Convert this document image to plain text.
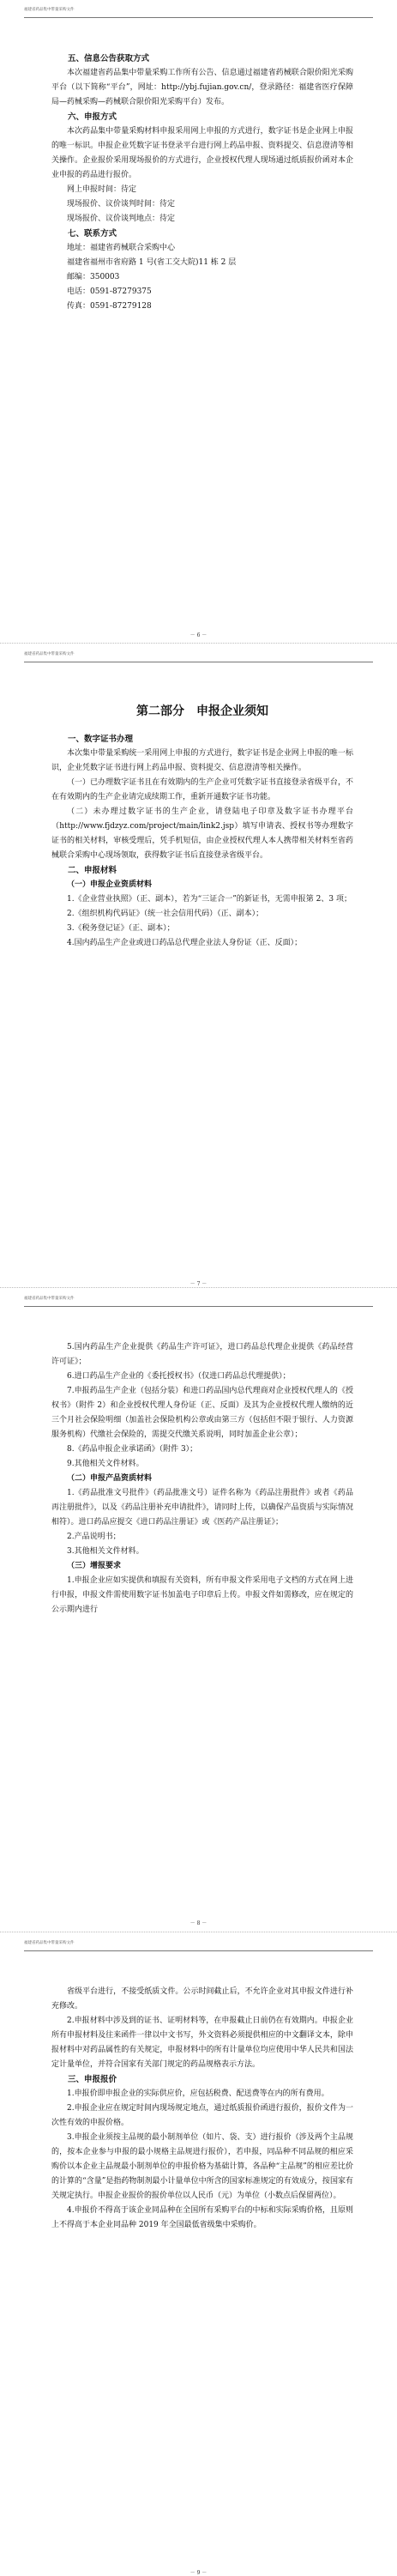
福建省药品集中带量采购文件

五、信息公告获取方式

本次福建省药品集中带量采购工作所有公告、信息通过福建省药械联合限价阳光采购平台（以下简称“平台”，网址：http://ybj.fujian.gov.cn/，登录路径：福建省医疗保障局—药械采购—药械联合限价阳光采购平台）发布。

六、申报方式

本次药品集中带量采购材料申报采用网上申报的方式进行，数字证书是企业网上申报的唯一标识。申报企业凭数字证书登录平台进行网上药品申报、资料提交、信息澄清等相关操作。企业报价采用现场报价的方式进行，企业授权代理人现场通过纸质报价函对本企业申报的药品进行报价。

网上申报时间：待定

现场报价、议价谈判时间：待定

现场报价、议价谈判地点：待定

七、联系方式

地址：福建省药械联合采购中心

福建省福州市省府路 1 号(省工交大院)11 栋 2 层

邮编：350003

电话：0591-87279375

传真：0591-87279128

－ 6 －
福建省药品集中带量采购文件
第二部分　申报企业须知

一、数字证书办理

本次集中带量采购统一采用网上申报的方式进行，数字证书是企业网上申报的唯一标识，企业凭数字证书进行网上药品申报、资料提交、信息澄清等相关操作。

（一）已办理数字证书且在有效期内的生产企业可凭数字证书直接登录省级平台，不在有效期内的生产企业请完成续期工作，重新开通数字证书功能。

（二）未办理过数字证书的生产企业，请登陆电子印章及数字证书办理平台（http://www.fjdzyz.com/project/main/link2.jsp）填写申请表、授权书等办理数字证书的相关材料，审核受理后，凭手机短信，由企业授权代理人本人携带相关材料至省药械联合采购中心现场领取，获得数字证书后直接登录省级平台。

二、申报材料

（一）申报企业资质材料

1.《企业营业执照》（正、副本），若为“三证合一”的新证书，无需申报第 2、3 项；

2.《组织机构代码证》（统一社会信用代码）（正、副本）；

3.《税务登记证》（正、副本）；

4.国内药品生产企业或进口药品总代理企业法人身份证（正、反面）；

－ 7 －
福建省药品集中带量采购文件

5.国内药品生产企业提供《药品生产许可证》，进口药品总代理企业提供《药品经营许可证》；

6.进口药品生产企业的《委托授权书》（仅进口药品总代理提供）；

7.申报药品生产企业（包括分装）和进口药品国内总代理商对企业授权代理人的《授权书》（附件 2）和企业授权代理人身份证（正、反面）及其为企业授权代理人缴纳的近三个月社会保险明细（加盖社会保险机构公章或由第三方（包括但不限于银行、人力资源服务机构）代缴社会保险的，需提交代缴关系说明，同时加盖企业公章）；

8.《药品申报企业承诺函》（附件 3）；

9.其他相关文件材料。

（二）申报产品资质材料

1.《药品批准文号批件》（药品批准文号）证件名称为《药品注册批件》或者《药品再注册批件》，以及《药品注册补充申请批件》，请同时上传，以确保产品资质与实际情况相符）。进口药品应提交《进口药品注册证》或《医药产品注册证》；

2.产品说明书；

3.其他相关文件材料。

（三）增报要求

1.申报企业应如实提供和填报有关资料，所有申报文件采用电子文档的方式在网上进行申报，申报文件需使用数字证书加盖电子印章后上传。申报文件如需修改，应在规定的公示期内进行

－ 8 －
福建省药品集中带量采购文件

省级平台进行，不接受纸质文件。公示时间截止后，不允许企业对其申报文件进行补充修改。

2.申报材料中涉及到的证书、证明材料等，在申报截止日前仍在有效期内。申报企业所有申报材料及往来函件一律以中文书写，外文资料必须提供相应的中文翻译文本，除申报材料中对药品属性的有关规定，申报材料中的所有计量单位均应使用中华人民共和国法定计量单位，并符合国家有关部门规定的药品规格表示方法。

三、申报报价

1.申报价即申报企业的实际供应价，应包括税费、配送费等在内的所有费用。

2.申报企业应在规定时间内现场规定地点，通过纸质报价函进行报价，报价文件为一次性有效的申报价格。

3.申报企业须按主品规的最小制剂单位（如片、袋、支）进行报价（涉及两个主品规的，按本企业参与申报的最小规格主品规进行报价），若申报，同品种不同品规的相应采购价以本企业主品规最小制剂单位的申报价格为基础计算，各品种“主品规”的相应差比价的计算的“含量”是指药物制剂最小计量单位中所含的国家标准规定的有效成分，按国家有关规定执行。申报企业报价的报价单位以人民币（元）为单位（小数点后保留两位）。

4.申报价不得高于该企业同品种在全国所有采购平台的中标和实际采购价格，且原则上不得高于本企业同品种 2019 年全国最低省级集中采购价。

－ 9 －
